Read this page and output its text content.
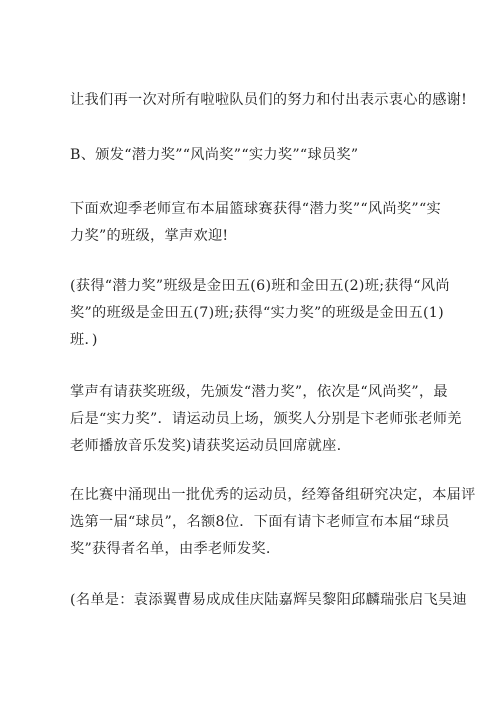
让我们再一次对所有啦啦队员们的努力和付出表示衷心的感谢!
B、颁发“潜力奖”“风尚奖”“实力奖”“球员奖”
下面欢迎季老师宣布本届篮球赛获得“潜力奖”“风尚奖”“实
力奖”的班级，掌声欢迎!
(获得“潜力奖”班级是金田五(6)班和金田五(2)班;获得“风尚
奖”的班级是金田五(7)班;获得“实力奖”的班级是金田五(1)
班．)
掌声有请获奖班级，先颁发“潜力奖”，依次是“风尚奖”，最
后是“实力奖”．请运动员上场，颁奖人分别是卞老师张老师羌
老师播放音乐发奖)请获奖运动员回席就座.
在比赛中涌现出一批优秀的运动员，经筹备组研究决定，本届评
选第一届“球员”，名额8位．下面有请卞老师宣布本届“球员
奖”获得者名单，由季老师发奖.
(名单是：袁添翼曹易成成佳庆陆嘉辉吴黎阳邱麟瑞张启飞吴迪
